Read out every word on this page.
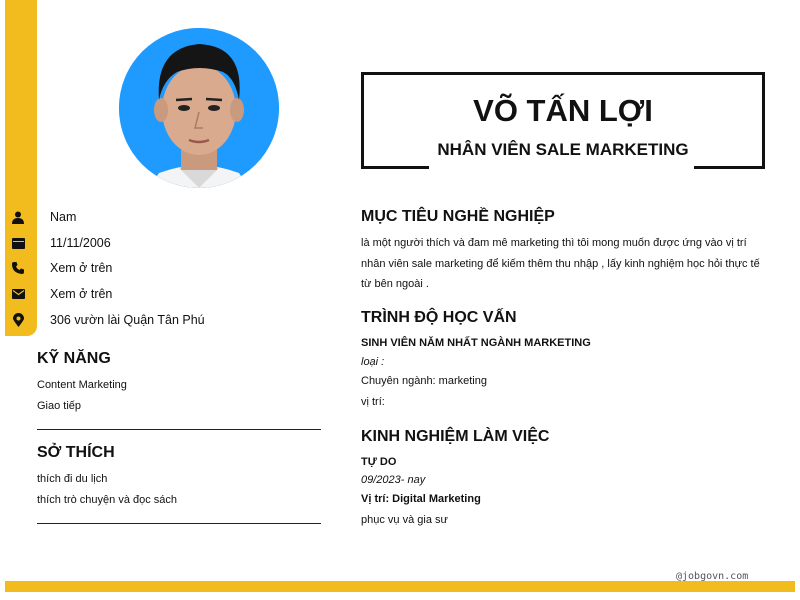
Nam
11/11/2006
Xem ở trên
Xem ở trên
306 vườn lài Quận Tân Phú
KỸ NĂNG
Content Marketing
Giao tiếp
SỞ THÍCH
thích đi du lịch
thích trò chuyện và đọc sách
VÕ TẤN LỢI
NHÂN VIÊN SALE MARKETING
MỤC TIÊU NGHỀ NGHIỆP
là một người thích và đam mê marketing thì tôi mong muốn được ứng vào vị trí nhân viên sale marketing để kiếm thêm thu nhập , lấy kinh nghiệm học hỏi thực tế từ bên ngoài .
TRÌNH ĐỘ HỌC VẤN
SINH VIÊN NĂM NHẤT NGÀNH MARKETING
loại :
Chuyên ngành: marketing
vị trí:
KINH NGHIỆM LÀM VIỆC
TỰ DO
09/2023- nay
Vị trí: Digital Marketing
phục vụ và gia sư
@jobgovn.com
